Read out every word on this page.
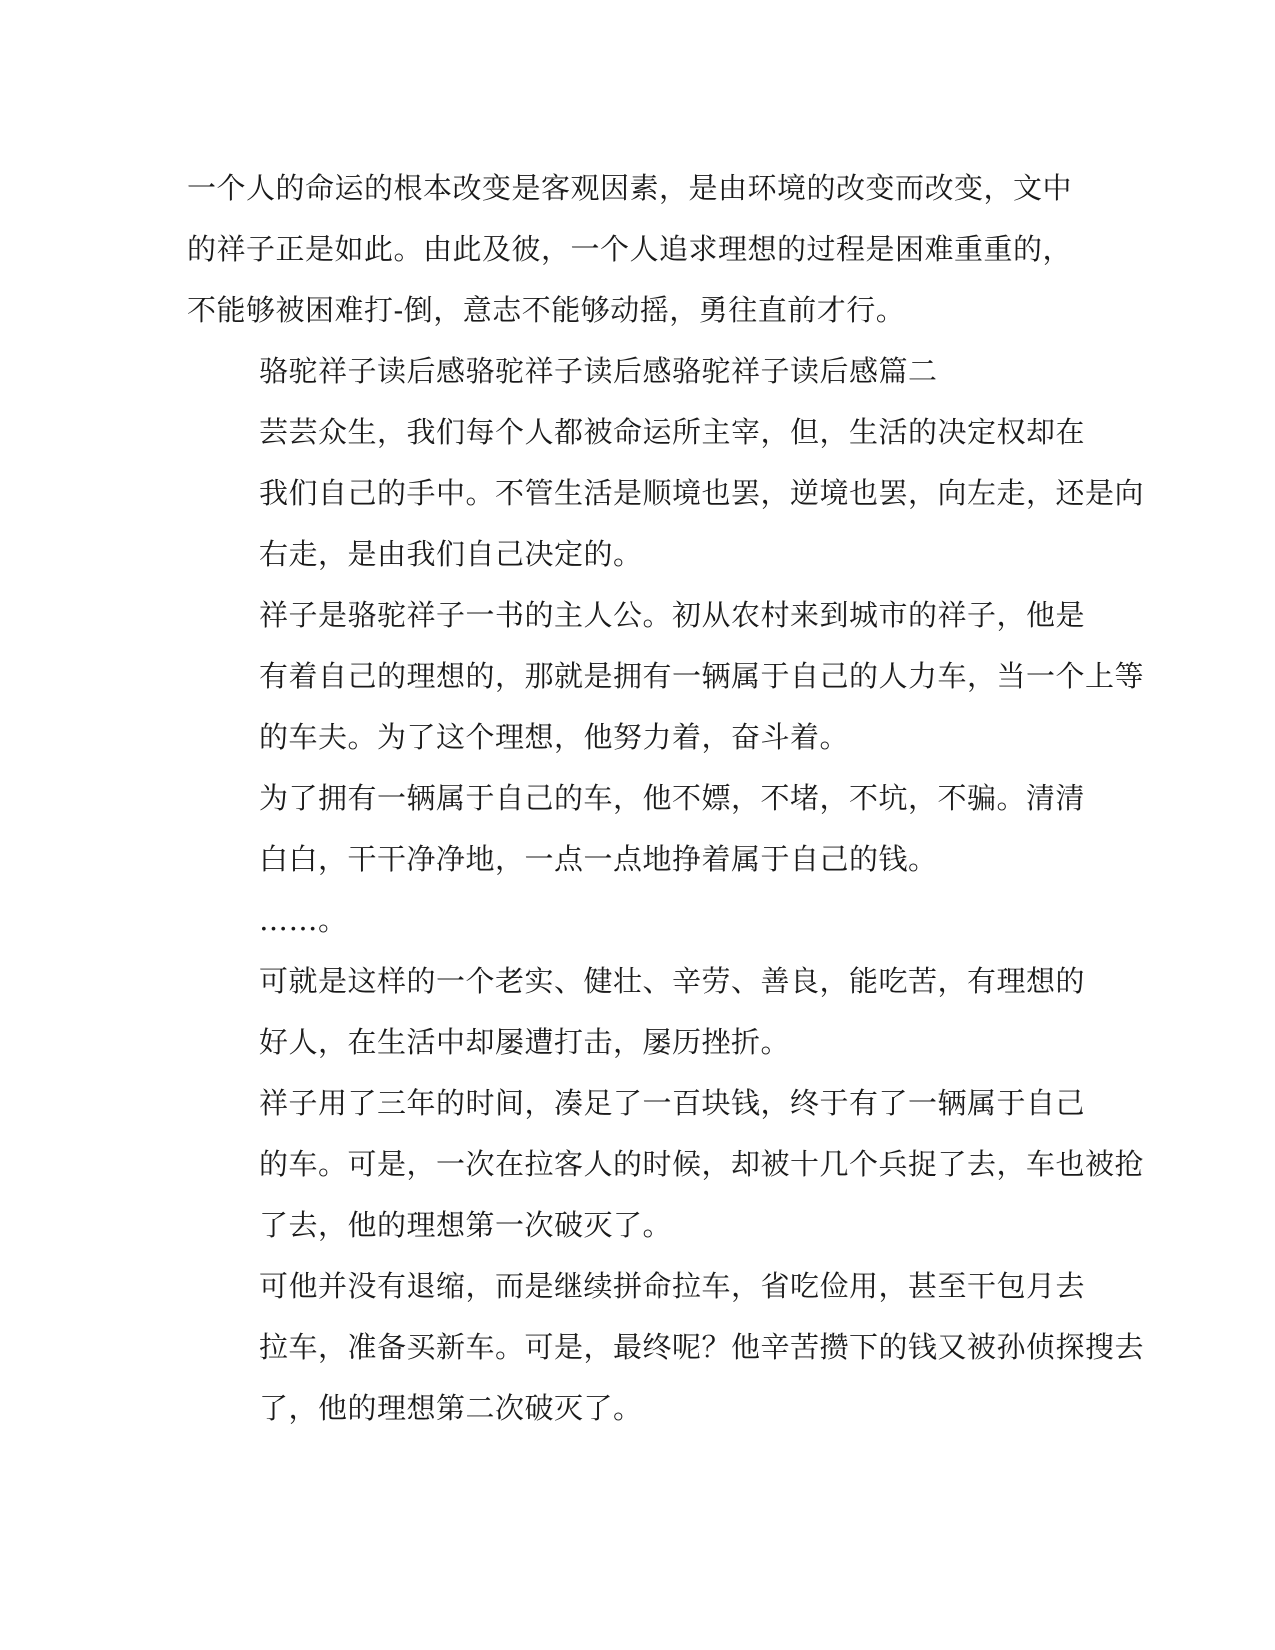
一个人的命运的根本改变是客观因素，是由环境的改变而改变，文中
的祥子正是如此。由此及彼，一个人追求理想的过程是困难重重的，
不能够被困难打-倒，意志不能够动摇，勇往直前才行。

骆驼祥子读后感骆驼祥子读后感骆驼祥子读后感篇二

芸芸众生，我们每个人都被命运所主宰，但，生活的决定权却在
我们自己的手中。不管生活是顺境也罢，逆境也罢，向左走，还是向
右走，是由我们自己决定的。

祥子是骆驼祥子一书的主人公。初从农村来到城市的祥子，他是
有着自己的理想的，那就是拥有一辆属于自己的人力车，当一个上等
的车夫。为了这个理想，他努力着，奋斗着。

为了拥有一辆属于自己的车，他不嫖，不堵，不坑，不骗。清清
白白，干干净净地，一点一点地挣着属于自己的钱。

……。

可就是这样的一个老实、健壮、辛劳、善良，能吃苦，有理想的
好人，在生活中却屡遭打击，屡历挫折。

祥子用了三年的时间，凑足了一百块钱，终于有了一辆属于自己
的车。可是，一次在拉客人的时候，却被十几个兵捉了去，车也被抢
了去，他的理想第一次破灭了。

可他并没有退缩，而是继续拼命拉车，省吃俭用，甚至干包月去
拉车，准备买新车。可是，最终呢？他辛苦攒下的钱又被孙侦探搜去
了，他的理想第二次破灭了。
